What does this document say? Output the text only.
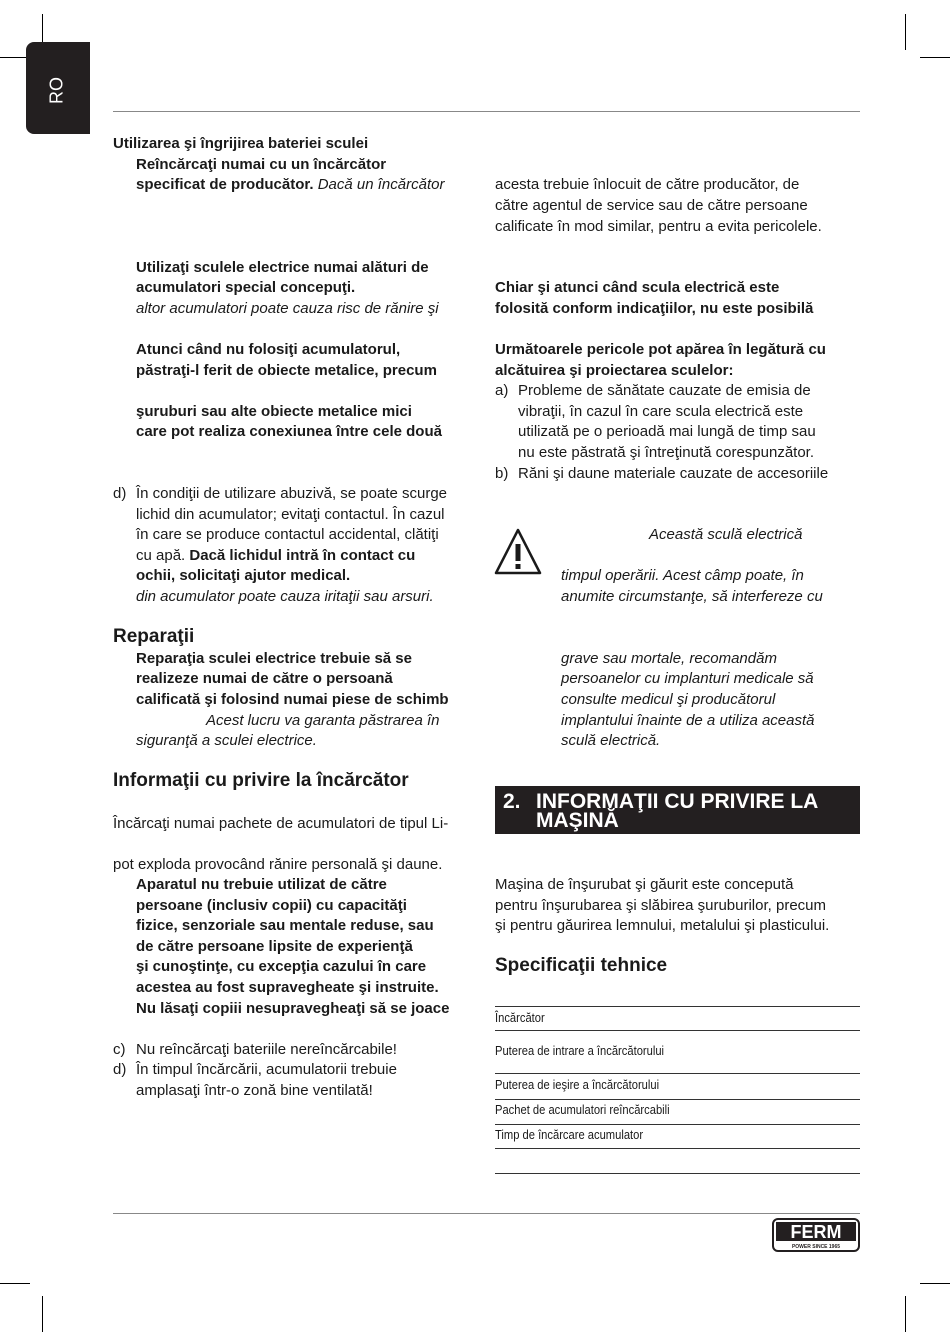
RO
Utilizarea şi îngrijirea bateriei sculei
Reîncărcaţi numai cu un încărcător
specificat de producător. Dacă un încărcător
Utilizaţi sculele electrice numai alături de
acumulatori special concepuţi.
altor acumulatori poate cauza risc de rănire şi
Atunci când nu folosiţi acumulatorul,
păstraţi-l ferit de obiecte metalice, precum
şuruburi sau alte obiecte metalice mici
care pot realiza conexiunea între cele două
d) În condiţii de utilizare abuzivă, se poate scurge
lichid din acumulator; evitaţi contactul. În cazul
în care se produce contactul accidental, clătiţi
cu apă. Dacă lichidul intră în contact cu
ochii, solicitaţi ajutor medical.
din acumulator poate cauza iritaţii sau arsuri.
Reparaţii
Reparaţia sculei electrice trebuie să se
realizeze numai de către o persoană
calificată şi folosind numai piese de schimb
Acest lucru va garanta păstrarea în
siguranţă a sculei electrice.
Informaţii cu privire la încărcător
Încărcaţi numai pachete de acumulatori de tipul Li-
pot exploda provocând rănire personală şi daune.
Aparatul nu trebuie utilizat de către
persoane (inclusiv copii) cu capacităţi
fizice, senzoriale sau mentale reduse, sau
de către persoane lipsite de experienţă
şi cunoştinţe, cu excepţia cazului în care
acestea au fost supravegheate şi instruite.
Nu lăsaţi copiii nesupravegheaţi să se joace
c) Nu reîncărcaţi bateriile nereîncărcabile!
d) În timpul încărcării, acumulatorii trebuie
amplasaţi într-o zonă bine ventilată!
acesta trebuie înlocuit de către producător, de
către agentul de service sau de către persoane
calificate în mod similar, pentru a evita pericolele.
Chiar şi atunci când scula electrică este
folosită conform indicaţiilor, nu este posibilă
Următoarele pericole pot apărea în legătură cu
alcătuirea şi proiectarea sculelor:
a) Probleme de sănătate cauzate de emisia de
vibraţii, în cazul în care scula electrică este
utilizată pe o perioadă mai lungă de timp sau
nu este păstrată şi întreţinută corespunzător.
b) Răni şi daune materiale cauzate de accesoriile
Această sculă electrică
timpul operării. Acest câmp poate, în
anumite circumstanţe, să interfereze cu
grave sau mortale, recomandăm
persoanelor cu implanturi medicale să
consulte medicul şi producătorul
implantului înainte de a utiliza această
sculă electrică.
2. INFORMAŢII CU PRIVIRE LA
MAŞINĂ
Maşina de înşurubat şi găurit este concepută
pentru înşurubarea şi slăbirea şuruburilor, precum
şi pentru găurirea lemnului, metalului şi plasticului.
Specificaţii tehnice
Încărcător
Puterea de intrare a încărcătorului
Puterea de ieşire a încărcătorului
Pachet de acumulatori reîncărcabili
Timp de încărcare acumulator
FERM
POWER SINCE 1965
